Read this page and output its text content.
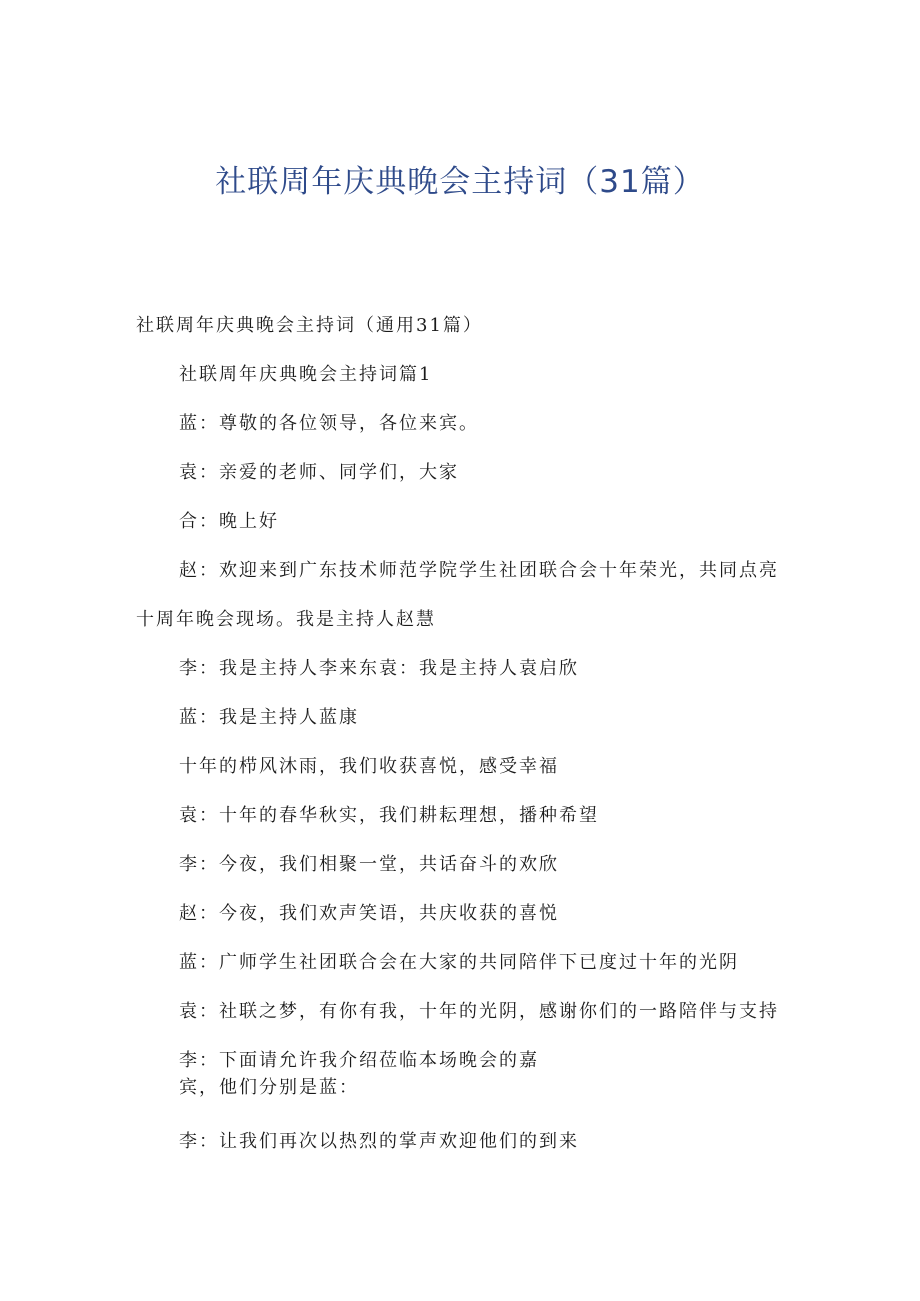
社联周年庆典晚会主持词（31篇）
社联周年庆典晚会主持词（通用31篇）
社联周年庆典晚会主持词篇1
蓝：尊敬的各位领导，各位来宾。
袁：亲爱的老师、同学们，大家
合：晚上好
赵：欢迎来到广东技术师范学院学生社团联合会十年荣光，共同点亮
十周年晚会现场。我是主持人赵慧
李：我是主持人李来东袁：我是主持人袁启欣
蓝：我是主持人蓝康
十年的栉风沐雨，我们收获喜悦，感受幸福
袁：十年的春华秋实，我们耕耘理想，播种希望
李：今夜，我们相聚一堂，共话奋斗的欢欣
赵：今夜，我们欢声笑语，共庆收获的喜悦
蓝：广师学生社团联合会在大家的共同陪伴下已度过十年的光阴
袁：社联之梦，有你有我，十年的光阴，感谢你们的一路陪伴与支持
李：下面请允许我介绍莅临本场晚会的嘉
宾，他们分别是蓝：
李：让我们再次以热烈的掌声欢迎他们的到来
